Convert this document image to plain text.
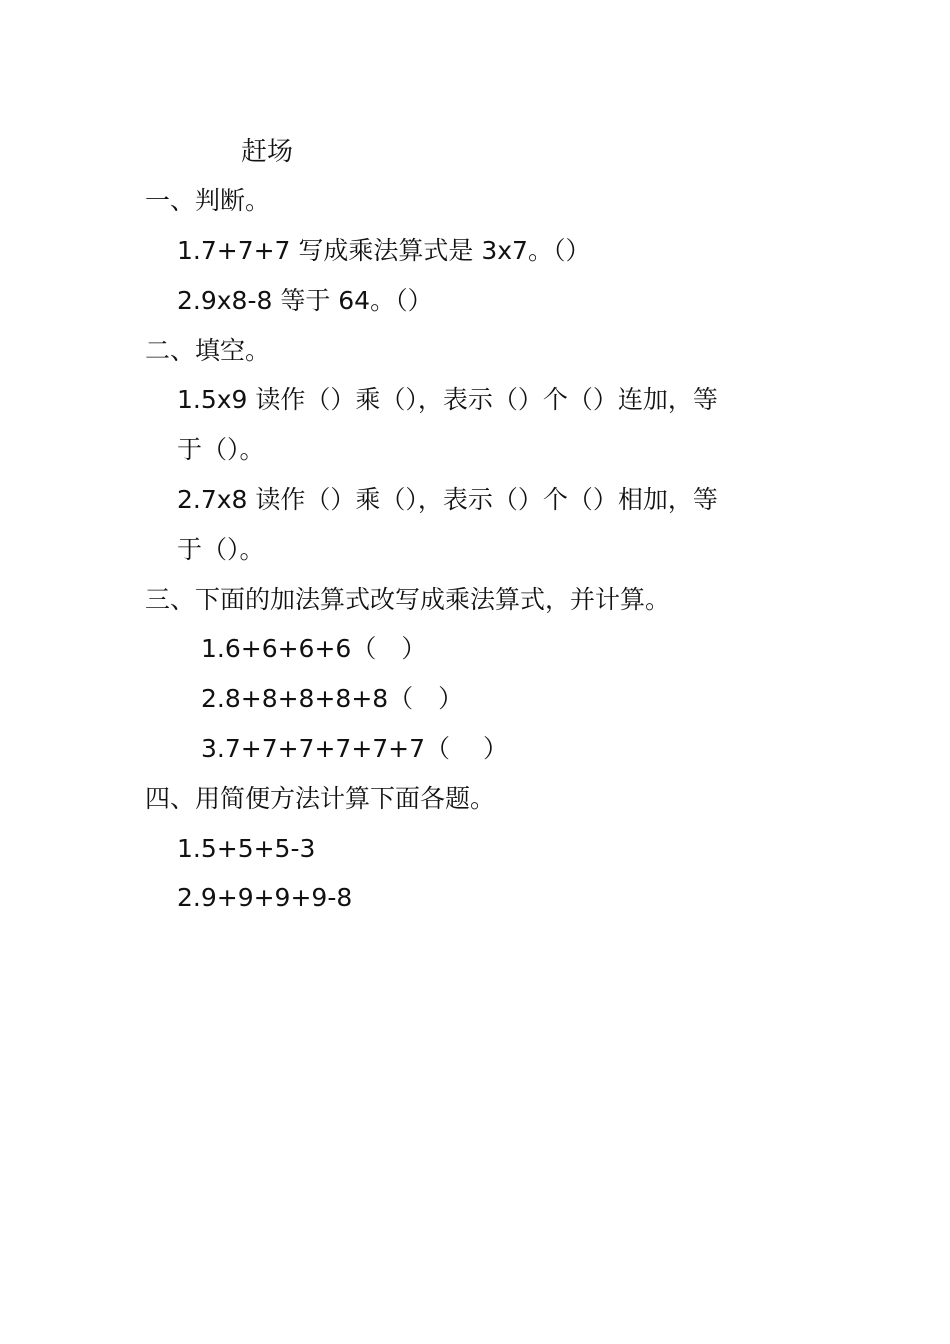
赶场
一、判断。
1.7+7+7 写成乘法算式是 3x7。（）
2.9x8-8 等于 64。（）
二、填空。
1.5x9 读作（）乘（），表示（）个（）连加，等
于（）。
2.7x8 读作（）乘（），表示（）个（）相加，等
于（）。
三、下面的加法算式改写成乘法算式，并计算。
1.6+6+6+6（　）
2.8+8+8+8+8（　）
3.7+7+7+7+7+7（　 ）
四、用简便方法计算下面各题。
1.5+5+5-3
2.9+9+9+9-8
